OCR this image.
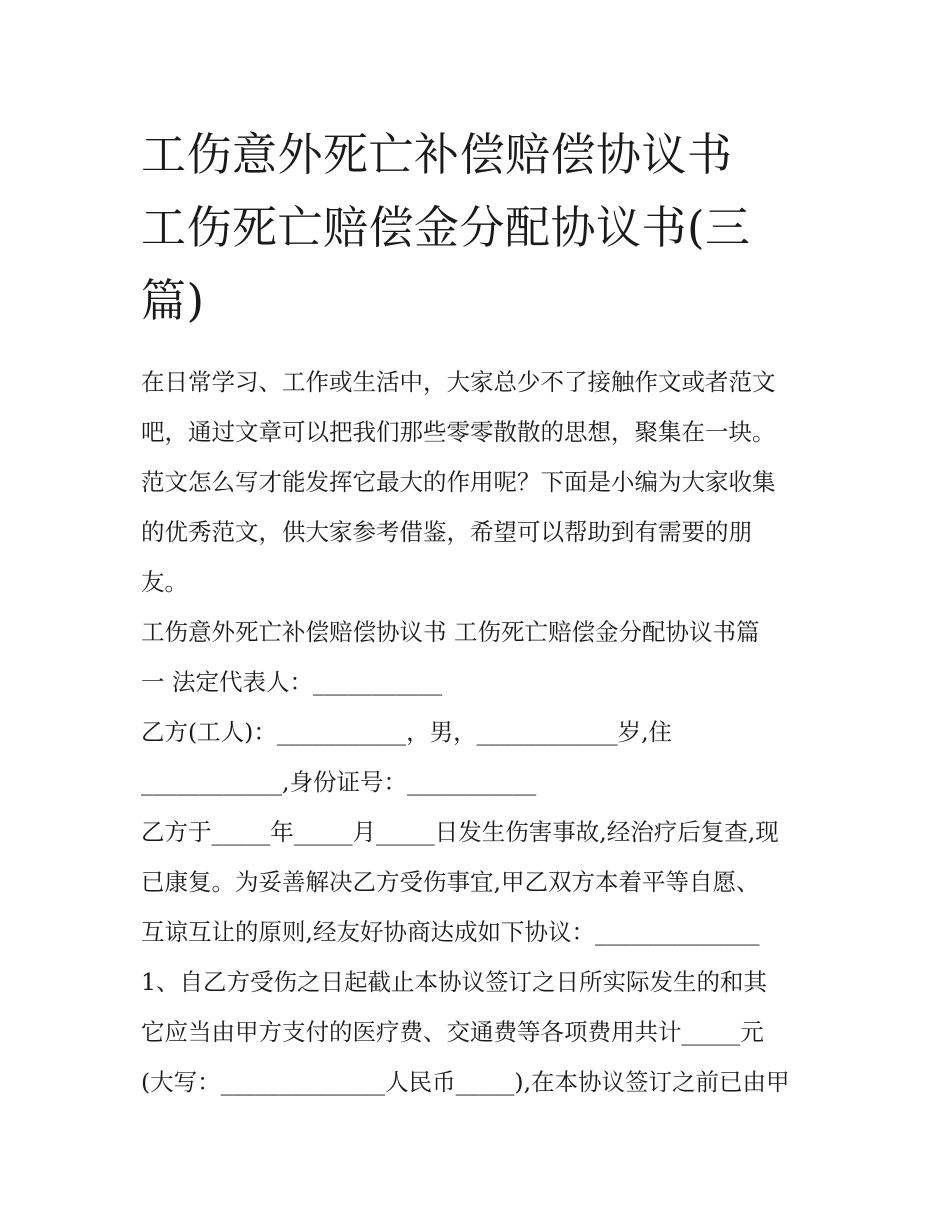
工伤意外死亡补偿赔偿协议书
工伤死亡赔偿金分配协议书(三
篇)

在日常学习、工作或生活中，大家总少不了接触作文或者范文

吧，通过文章可以把我们那些零零散散的思想，聚集在一块。

范文怎么写才能发挥它最大的作用呢？下面是小编为大家收集

的优秀范文，供大家参考借鉴，希望可以帮助到有需要的朋

友。

工伤意外死亡补偿赔偿协议书 工伤死亡赔偿金分配协议书篇

一 法定代表人：___________

乙方(工人)：___________，男，____________岁,住

____________,身份证号：___________

乙方于_____年_____月_____日发生伤害事故,经治疗后复查,现

已康复。为妥善解决乙方受伤事宜,甲乙双方本着平等自愿、

互谅互让的原则,经友好协商达成如下协议：______________

1、自乙方受伤之日起截止本协议签订之日所实际发生的和其

它应当由甲方支付的医疗费、交通费等各项费用共计_____元

(大写：______________人民币_____),在本协议签订之前已由甲
